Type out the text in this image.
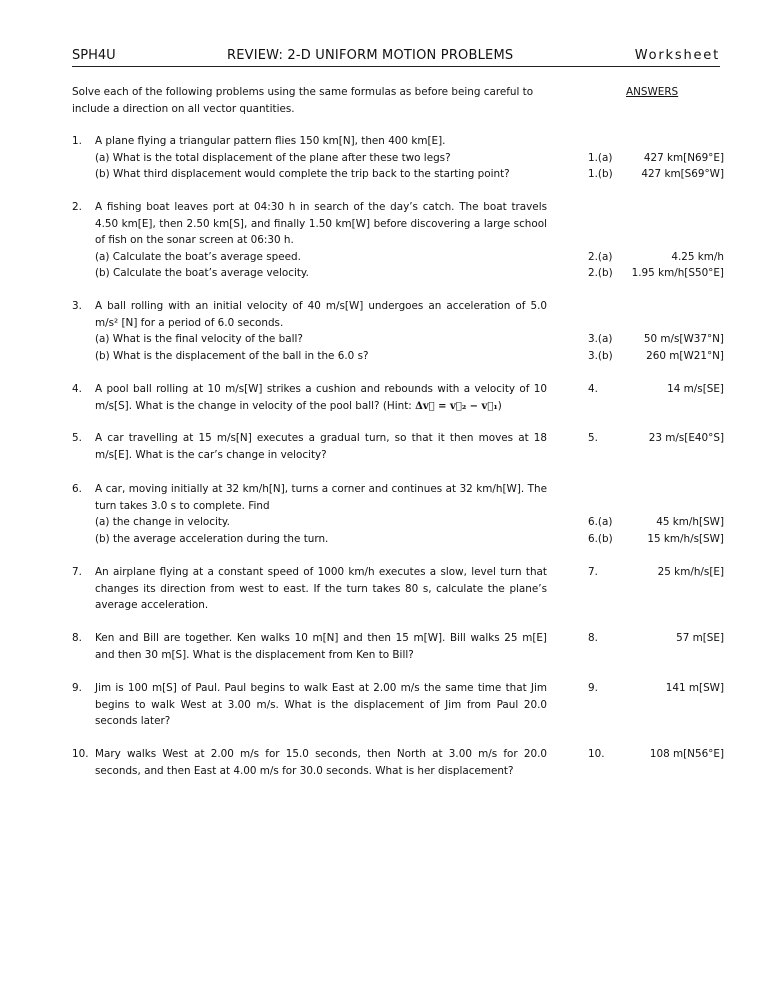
SPH4U	REVIEW: 2-D UNIFORM MOTION PROBLEMS	Worksheet
Solve each of the following problems using the same formulas as before being careful to include a direction on all vector quantities.
ANSWERS
1. A plane flying a triangular pattern flies 150 km[N], then 400 km[E].
(a) What is the total displacement of the plane after these two legs?
(b) What third displacement would complete the trip back to the starting point?
1.(a)	427 km[N69°E]
1.(b)	427 km[S69°W]
2. A fishing boat leaves port at 04:30 h in search of the day’s catch. The boat travels 4.50 km[E], then 2.50 km[S], and finally 1.50 km[W] before discovering a large school of fish on the sonar screen at 06:30 h.
(a) Calculate the boat’s average speed.
(b) Calculate the boat’s average velocity.
2.(a)	4.25 km/h
2.(b) 1.95 km/h[S50°E]
3. A ball rolling with an initial velocity of 40 m/s[W] undergoes an acceleration of 5.0 m/s² [N] for a period of 6.0 seconds.
(a) What is the final velocity of the ball?
(b) What is the displacement of the ball in the 6.0 s?
3.(a)	50 m/s[W37°N]
3.(b)	260 m[W21°N]
4. A pool ball rolling at 10 m/s[W] strikes a cushion and rebounds with a velocity of 10 m/s[S]. What is the change in velocity of the pool ball? (Hint: Δv⃗ = v⃗₂ − v⃗₁)
4.	14 m/s[SE]
5. A car travelling at 15 m/s[N] executes a gradual turn, so that it then moves at 18 m/s[E]. What is the car’s change in velocity?
5.	23 m/s[E40°S]
6. A car, moving initially at 32 km/h[N], turns a corner and continues at 32 km/h[W]. The turn takes 3.0 s to complete. Find
(a) the change in velocity.
(b) the average acceleration during the turn.
6.(a)	45 km/h[SW]
6.(b)	15 km/h/s[SW]
7. An airplane flying at a constant speed of 1000 km/h executes a slow, level turn that changes its direction from west to east. If the turn takes 80 s, calculate the plane’s average acceleration.
7.	25 km/h/s[E]
8. Ken and Bill are together. Ken walks 10 m[N] and then 15 m[W]. Bill walks 25 m[E] and then 30 m[S]. What is the displacement from Ken to Bill?
8.	57 m[SE]
9. Jim is 100 m[S] of Paul. Paul begins to walk East at 2.00 m/s the same time that Jim begins to walk West at 3.00 m/s. What is the displacement of Jim from Paul 20.0 seconds later?
9.	141 m[SW]
10. Mary walks West at 2.00 m/s for 15.0 seconds, then North at 3.00 m/s for 20.0 seconds, and then East at 4.00 m/s for 30.0 seconds. What is her displacement?
10.	108 m[N56°E]
